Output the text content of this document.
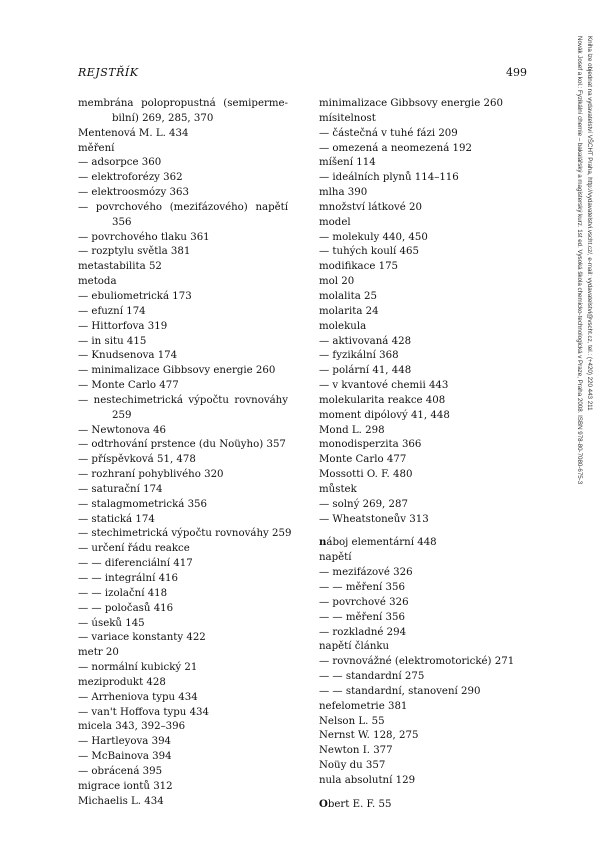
REJSTŘÍK	499
membrána polopropustná (semiperme-
bilní) 269, 285, 370
Mentenová M. L. 434
měření
— adsorpce 360
— elektroforézy 362
— elektroosmózy 363
— povrchového (mezifázového) napětí
356
— povrchového tlaku 361
— rozptylu světla 381
metastabilita 52
metoda
— ebuliometrická 173
— efuzní 174
— Hittorfova 319
— in situ 415
— Knudsenova 174
— minimalizace Gibbsovy energie 260
— Monte Carlo 477
— nestechimetrická výpočtu rovnováhy
259
— Newtonova 46
— odtrhování prstence (du Noüyho) 357
— příspěvková 51, 478
— rozhraní pohyblivého 320
— saturační 174
— stalagmometrická 356
— statická 174
— stechimetrická výpočtu rovnováhy 259
— určení řádu reakce
— — diferenciální 417
— — integrální 416
— — izolační 418
— — poločasů 416
— úseků 145
— variace konstanty 422
metr 20
— normální kubický 21
meziprodukt 428
— Arrheniova typu 434
— van't Hoffova typu 434
micela 343, 392–396
— Hartleyova 394
— McBainova 394
— obrácená 395
migrace iontů 312
Michaelis L. 434
minimalizace Gibbsovy energie 260
mísitelnost
— částečná v tuhé fázi 209
— omezená a neomezená 192
míšení 114
— ideálních plynů 114–116
mlha 390
množství látkové 20
model
— molekuly 440, 450
— tuhých koulí 465
modifikace 175
mol 20
molalita 25
molarita 24
molekula
— aktivovaná 428
— fyzikální 368
— polární 41, 448
— v kvantové chemii 443
molekularita reakce 408
moment dipólový 41, 448
Mond L. 298
monodisperzita 366
Monte Carlo 477
Mossotti O. F. 480
můstek
— solný 269, 287
— Wheatstoneův 313
náboj elementární 448
napětí
— mezifázové 326
— — měření 356
— povrchové 326
— — měření 356
— rozkladné 294
napětí článku
— rovnovážné (elektromotorické) 271
— — standardní 275
— — standardní, stanovení 290
nefelometrie 381
Nelson L. 55
Nernst W. 128, 275
Newton I. 377
Noüy du 357
nula absolutní 129
Obert E. F. 55
Novák Josef a kol.: Fyzikální chemie – bakalářský a magisterský kurz. 1st ed. Vysoká škola chemicko-technologická v Praze, Praha 2008. ISBN 978-80-7080-675-3 Kniha lze objednat na vydavatelství VŠCHT Praha, http://vydavatelstvi.vscht.cz/, e-mail: vydavatelstvi@vscht.cz, tel.: (+420) 220 443 211
